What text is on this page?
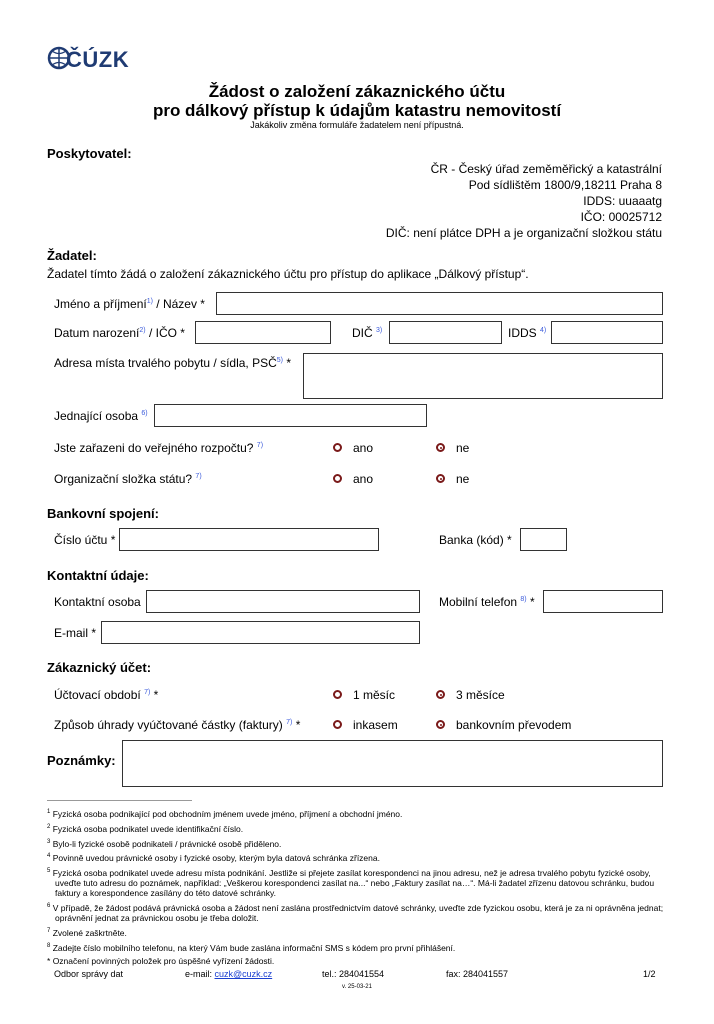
ČÚZK
Žádost o založení zákaznického účtu
pro dálkový přístup k údajům katastru nemovitostí
Jakákoliv změna formuláře žadatelem není přípustná.
Poskytovatel:
ČR - Český úřad zeměměřický a katastrální
Pod sídlištěm 1800/9,18211 Praha 8
IDDS: uuaaatg
IČO: 00025712
DIČ: není plátce DPH a je organizační složkou státu
Žadatel:
Žadatel tímto žádá o založení zákaznického účtu pro přístup do aplikace „Dálkový přístup“.
Jméno a příjmení$^{1)}$ / Název *
Datum narození$^{2)}$ / IČO *	DIČ $^{3)}$	IDDS $^{4)}$
Adresa místa trvalého pobytu / sídla, PSČ$^{5)}$ *
Jednající osoba $^{6)}$
Jste zařazeni do veřejného rozpočtu? $^{7)}$	ano	ne
Organizační složka státu? $^{7)}$	ano	ne
Bankovní spojení:
Číslo účtu *	Banka (kód) *
Kontaktní údaje:
Kontaktní osoba	Mobilní telefon $^{8)}$ *
E-mail *
Zákaznický účet:
Účtovací období $^{7)}$ *	1 měsíc	3 měsíce
Způsob úhrady vyúčtované částky (faktury) $^{7)}$ *	inkasem	bankovním převodem
Poznámky:
$^1$ Fyzická osoba podnikající pod obchodním jménem uvede jméno, příjmení a obchodní jméno.
$^2$ Fyzická osoba podnikatel uvede identifikační číslo.
$^3$ Bylo-li fyzické osobě podnikateli / právnické osobě přiděleno.
$^4$ Povinně uvedou právnické osoby i fyzické osoby, kterým byla datová schránka zřízena.
$^5$ Fyzická osoba podnikatel uvede adresu místa podnikání. Jestliže si přejete zasílat korespondenci na jinou adresu, než je adresa trvalého pobytu fyzické osoby, uveďte tuto adresu do poznámek, například: „Veškerou korespondenci zasílat na...“ nebo „Faktury zasílat na…“. Má-li žadatel zřízenu datovou schránku, budou faktury a korespondence zasílány do této datové schránky.
$^6$ V případě, že žádost podává právnická osoba a žádost není zaslána prostřednictvím datové schránky, uveďte zde fyzickou osobu, která je za ni oprávněna jednat; oprávnění jednat za právnickou osobu je třeba doložit.
$^7$ Zvolené zaškrtněte.
$^8$ Zadejte číslo mobilního telefonu, na který Vám bude zaslána informační SMS s kódem pro první přihlášení.
* Označení povinných položek pro úspěšné vyřízení žádosti.
Odbor správy dat	e-mail: cuzk@cuzk.cz	tel.: 284041554	fax: 284041557	1/2
v. 25-03-21
